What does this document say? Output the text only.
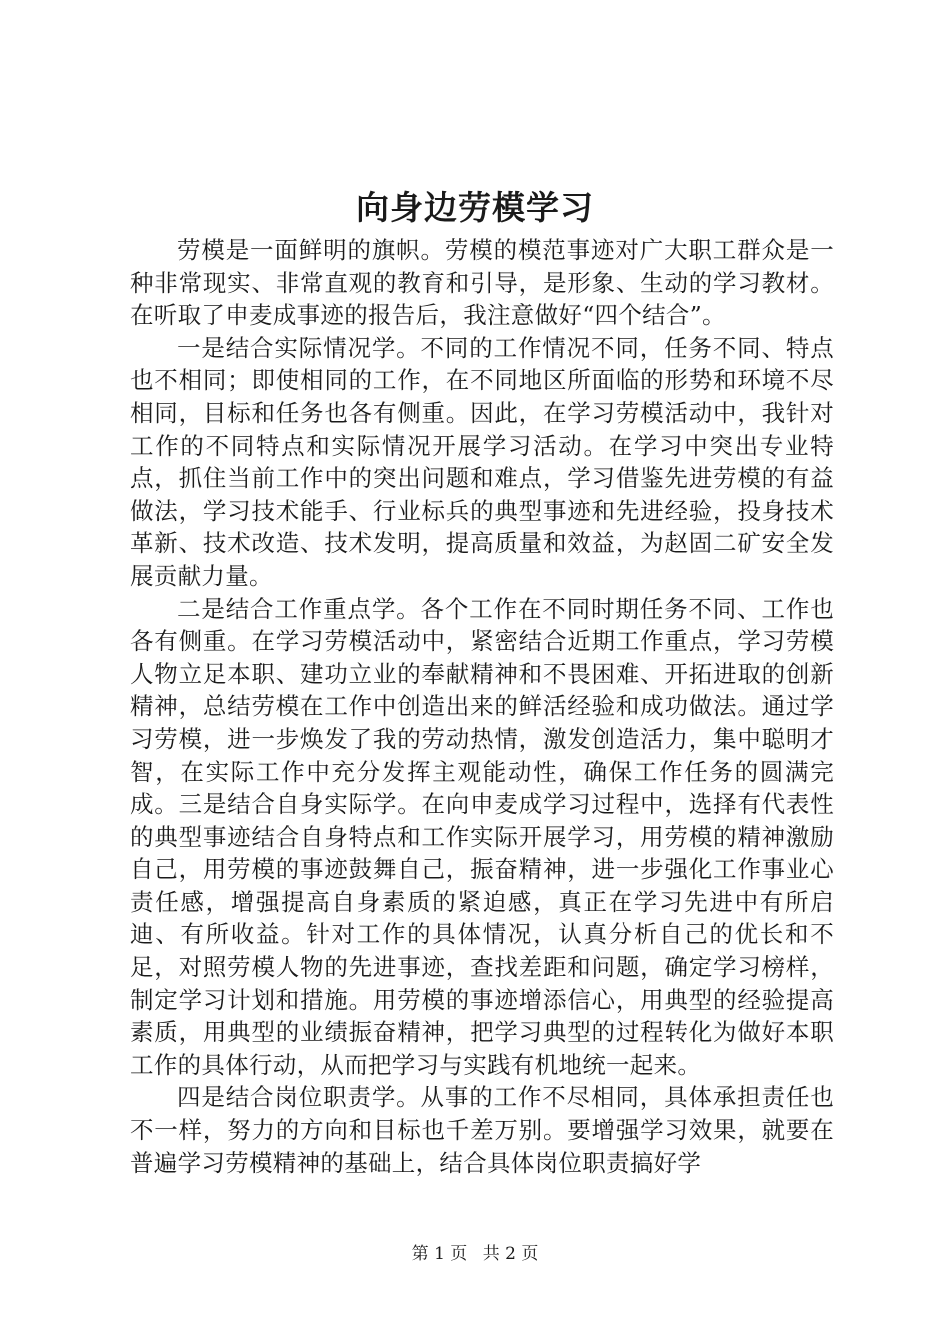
向身边劳模学习

劳模是一面鲜明的旗帜。劳模的模范事迹对广大职工群众是一种非常现实、非常直观的教育和引导，是形象、生动的学习教材。在听取了申麦成事迹的报告后，我注意做好“四个结合”。

一是结合实际情况学。不同的工作情况不同，任务不同、特点也不相同；即使相同的工作，在不同地区所面临的形势和环境不尽相同，目标和任务也各有侧重。因此，在学习劳模活动中，我针对工作的不同特点和实际情况开展学习活动。在学习中突出专业特点，抓住当前工作中的突出问题和难点，学习借鉴先进劳模的有益做法，学习技术能手、行业标兵的典型事迹和先进经验，投身技术革新、技术改造、技术发明，提高质量和效益，为赵固二矿安全发展贡献力量。

二是结合工作重点学。各个工作在不同时期任务不同、工作也各有侧重。在学习劳模活动中，紧密结合近期工作重点，学习劳模人物立足本职、建功立业的奉献精神和不畏困难、开拓进取的创新精神，总结劳模在工作中创造出来的鲜活经验和成功做法。通过学习劳模，进一步焕发了我的劳动热情，激发创造活力，集中聪明才智，在实际工作中充分发挥主观能动性，确保工作任务的圆满完成。三是结合自身实际学。在向申麦成学习过程中，选择有代表性的典型事迹结合自身特点和工作实际开展学习，用劳模的精神激励自己，用劳模的事迹鼓舞自己，振奋精神，进一步强化工作事业心责任感，增强提高自身素质的紧迫感，真正在学习先进中有所启迪、有所收益。针对工作的具体情况，认真分析自己的优长和不足，对照劳模人物的先进事迹，查找差距和问题，确定学习榜样，制定学习计划和措施。用劳模的事迹增添信心，用典型的经验提高素质，用典型的业绩振奋精神，把学习典型的过程转化为做好本职工作的具体行动，从而把学习与实践有机地统一起来。

四是结合岗位职责学。从事的工作不尽相同，具体承担责任也不一样，努力的方向和目标也千差万别。要增强学习效果，就要在普遍学习劳模精神的基础上，结合具体岗位职责搞好学

第 1 页 共 2 页
